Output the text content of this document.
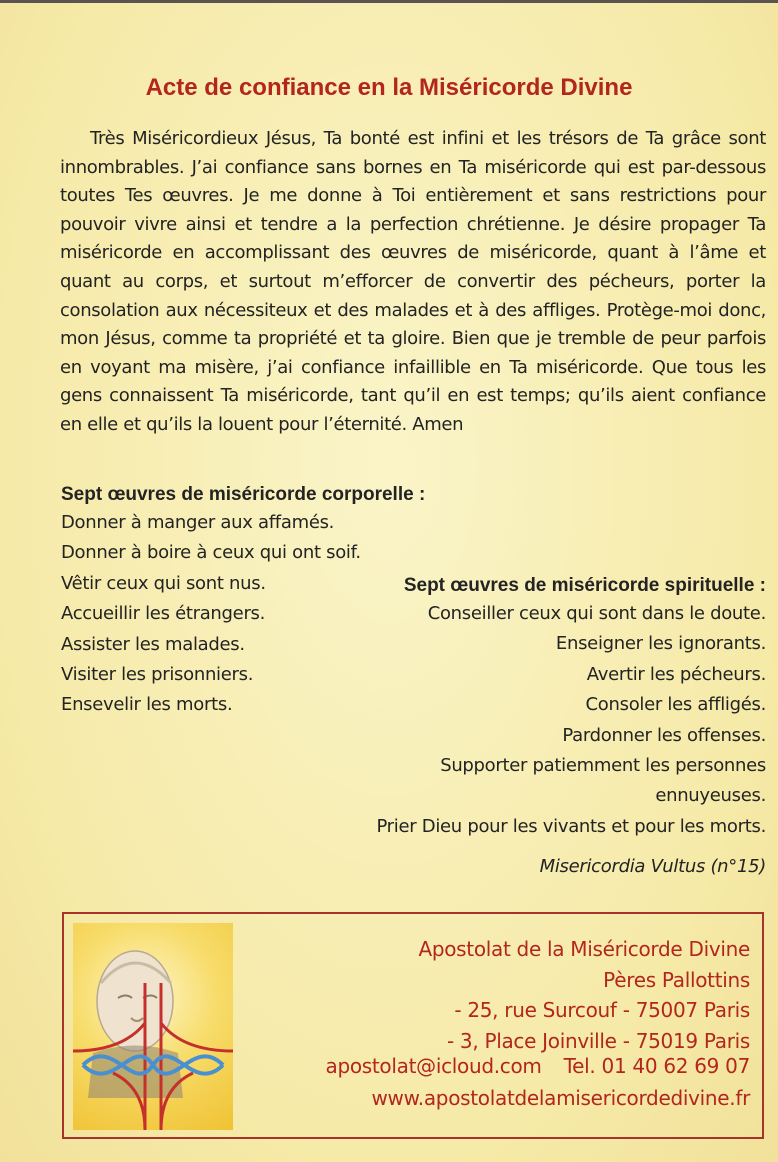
Acte de confiance en la Miséricorde Divine

Très Miséricordieux Jésus, Ta bonté est infini et les trésors de Ta grâce sont innombrables. J’ai confiance sans bornes en Ta miséricorde qui est par-dessous toutes Tes œuvres. Je me donne à Toi entièrement et sans restrictions pour pouvoir vivre ainsi et tendre a la perfection chrétienne. Je désire propager Ta miséricorde en accomplissant des œuvres de miséricorde, quant à l’âme et quant au corps, et surtout m’efforcer de convertir des pécheurs, porter la consolation aux nécessiteux et des malades et à des affliges. Protège-moi donc, mon Jésus, comme ta propriété et ta gloire. Bien que je tremble de peur parfois en voyant ma misère, j’ai confiance infaillible en Ta miséricorde. Que tous les gens connaissent Ta miséricorde, tant qu’il en est temps; qu’ils aient confiance en elle et qu’ils la louent pour l’éternité. Amen

Sept œuvres de miséricorde corporelle :
Donner à manger aux affamés.
Donner à boire à ceux qui ont soif.
Vêtir ceux qui sont nus.
Accueillir les étrangers.
Assister les malades.
Visiter les prisonniers.
Ensevelir les morts.
Sept œuvres de miséricorde spirituelle :
Conseiller ceux qui sont dans le doute.
Enseigner les ignorants.
Avertir les pécheurs.
Consoler les affligés.
Pardonner les offenses.
Supporter patiemment les personnes
ennuyeuses.
Prier Dieu pour les vivants et pour les morts.
Misericordia Vultus (n°15)
Apostolat de la Miséricorde Divine
Pères Pallottins
- 25, rue Surcouf - 75007 Paris
- 3, Place Joinville - 75019 Paris
apostolat@icloud.com Tel. 01 40 62 69 07
www.apostolatdelamisericordedivine.fr
